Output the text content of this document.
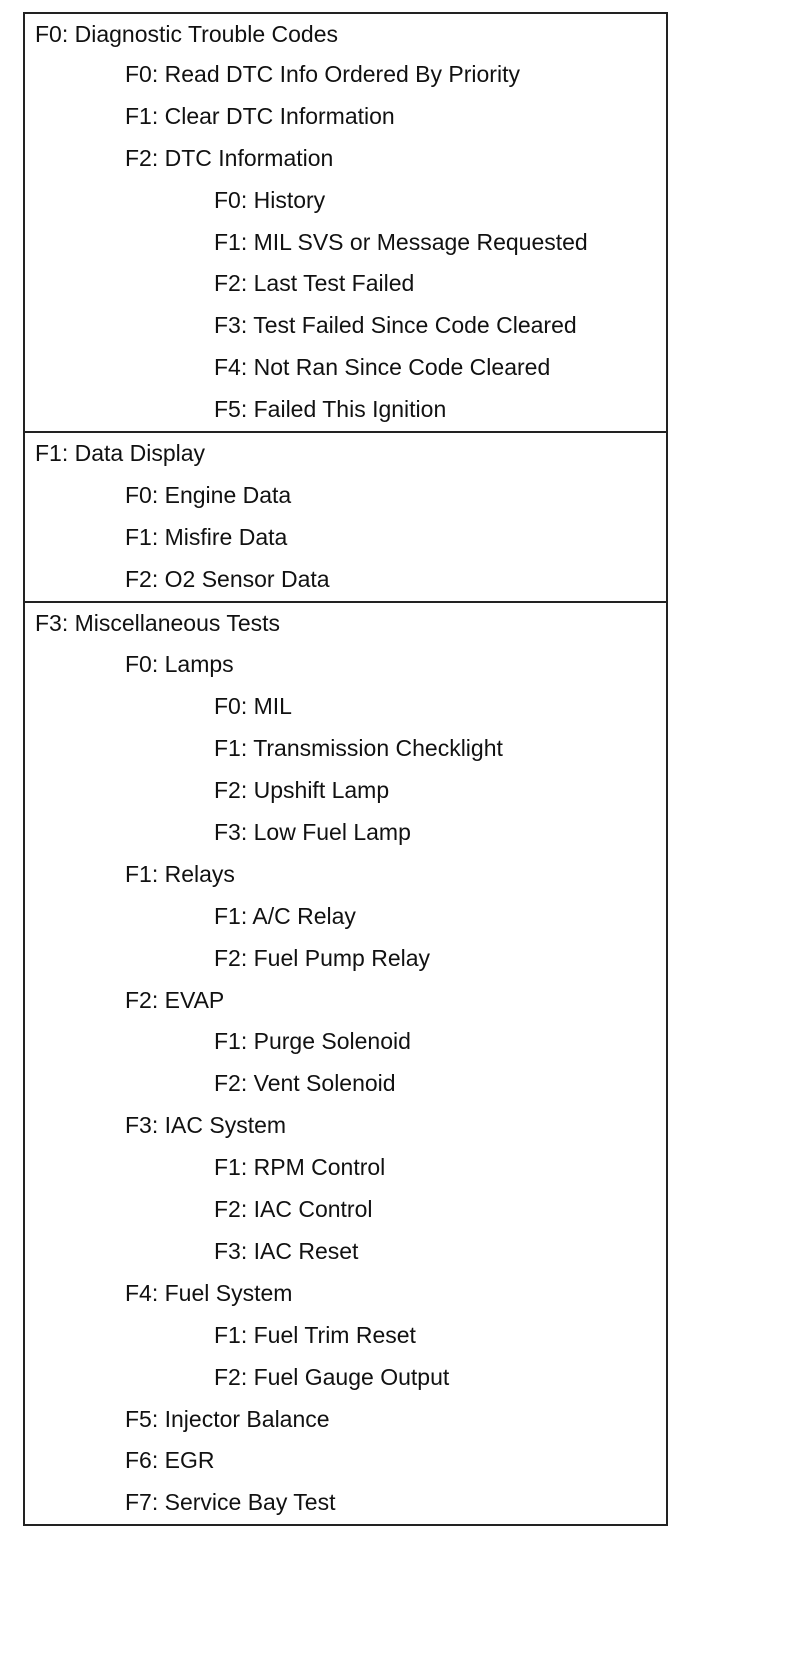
F0: Diagnostic Trouble Codes
F0: Read DTC Info Ordered By Priority
F1: Clear DTC Information
F2: DTC Information
F0: History
F1: MIL SVS or Message Requested
F2: Last Test Failed
F3: Test Failed Since Code Cleared
F4: Not Ran Since Code Cleared
F5: Failed This Ignition
F1: Data Display
F0: Engine Data
F1: Misfire Data
F2: O2 Sensor Data
F3: Miscellaneous Tests
F0: Lamps
F0: MIL
F1: Transmission Checklight
F2: Upshift Lamp
F3: Low Fuel Lamp
F1: Relays
F1: A/C Relay
F2: Fuel Pump Relay
F2: EVAP
F1: Purge Solenoid
F2: Vent Solenoid
F3: IAC System
F1: RPM Control
F2: IAC Control
F3: IAC Reset
F4: Fuel System
F1: Fuel Trim Reset
F2: Fuel Gauge Output
F5: Injector Balance
F6: EGR
F7: Service Bay Test
